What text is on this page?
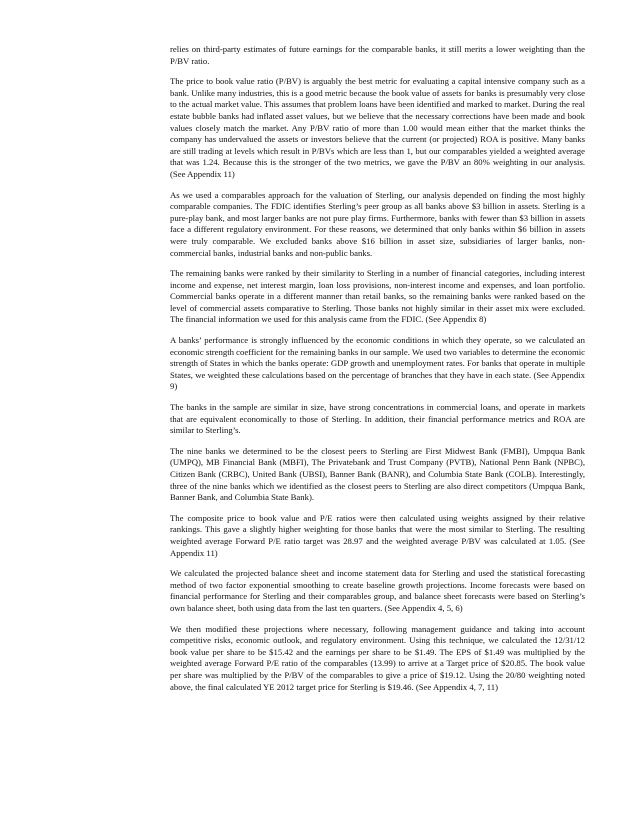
relies on third-party estimates of future earnings for the comparable banks, it still merits a lower weighting than the P/BV ratio.

The price to book value ratio (P/BV) is arguably the best metric for evaluating a capital intensive company such as a bank. Unlike many industries, this is a good metric because the book value of assets for banks is presumably very close to the actual market value. This assumes that problem loans have been identified and marked to market. During the real estate bubble banks had inflated asset values, but we believe that the necessary corrections have been made and book values closely match the market. Any P/BV ratio of more than 1.00 would mean either that the market thinks the company has undervalued the assets or investors believe that the current (or projected) ROA is positive. Many banks are still trading at levels which result in P/BVs which are less than 1, but our comparables yielded a weighted average that was 1.24. Because this is the stronger of the two metrics, we gave the P/BV an 80% weighting in our analysis. (See Appendix 11)

As we used a comparables approach for the valuation of Sterling, our analysis depended on finding the most highly comparable companies. The FDIC identifies Sterling’s peer group as all banks above $3 billion in assets. Sterling is a pure-play bank, and most larger banks are not pure play firms. Furthermore, banks with fewer than $3 billion in assets face a different regulatory environment. For these reasons, we determined that only banks within $6 billion in assets were truly comparable. We excluded banks above $16 billion in asset size, subsidiaries of larger banks, non-commercial banks, industrial banks and non-public banks.

The remaining banks were ranked by their similarity to Sterling in a number of financial categories, including interest income and expense, net interest margin, loan loss provisions, non-interest income and expenses, and loan portfolio. Commercial banks operate in a different manner than retail banks, so the remaining banks were ranked based on the level of commercial assets comparative to Sterling. Those banks not highly similar in their asset mix were excluded. The financial information we used for this analysis came from the FDIC. (See Appendix 8)

A banks’ performance is strongly influenced by the economic conditions in which they operate, so we calculated an economic strength coefficient for the remaining banks in our sample. We used two variables to determine the economic strength of States in which the banks operate: GDP growth and unemployment rates. For banks that operate in multiple States, we weighted these calculations based on the percentage of branches that they have in each state. (See Appendix 9)

The banks in the sample are similar in size, have strong concentrations in commercial loans, and operate in markets that are equivalent economically to those of Sterling. In addition, their financial performance metrics and ROA are similar to Sterling’s.

The nine banks we determined to be the closest peers to Sterling are First Midwest Bank (FMBI), Umpqua Bank (UMPQ), MB Financial Bank (MBFI), The Privatebank and Trust Company (PVTB), National Penn Bank (NPBC), Citizen Bank (CRBC), United Bank (UBSI), Banner Bank (BANR), and Columbia State Bank (COLB). Interestingly, three of the nine banks which we identified as the closest peers to Sterling are also direct competitors (Umpqua Bank, Banner Bank, and Columbia State Bank).

The composite price to book value and P/E ratios were then calculated using weights assigned by their relative rankings. This gave a slightly higher weighting for those banks that were the most similar to Sterling. The resulting weighted average Forward P/E ratio target was 28.97 and the weighted average P/BV was calculated at 1.05. (See Appendix 11)

We calculated the projected balance sheet and income statement data for Sterling and used the statistical forecasting method of two factor exponential smoothing to create baseline growth projections. Income forecasts were based on financial performance for Sterling and their comparables group, and balance sheet forecasts were based on Sterling’s own balance sheet, both using data from the last ten quarters. (See Appendix 4, 5, 6)

We then modified these projections where necessary, following management guidance and taking into account competitive risks, economic outlook, and regulatory environment. Using this technique, we calculated the 12/31/12 book value per share to be $15.42 and the earnings per share to be $1.49. The EPS of $1.49 was multiplied by the weighted average Forward P/E ratio of the comparables (13.99) to arrive at a Target price of $20.85. The book value per share was multiplied by the P/BV of the comparables to give a price of $19.12. Using the 20/80 weighting noted above, the final calculated YE 2012 target price for Sterling is $19.46. (See Appendix 4, 7, 11)
